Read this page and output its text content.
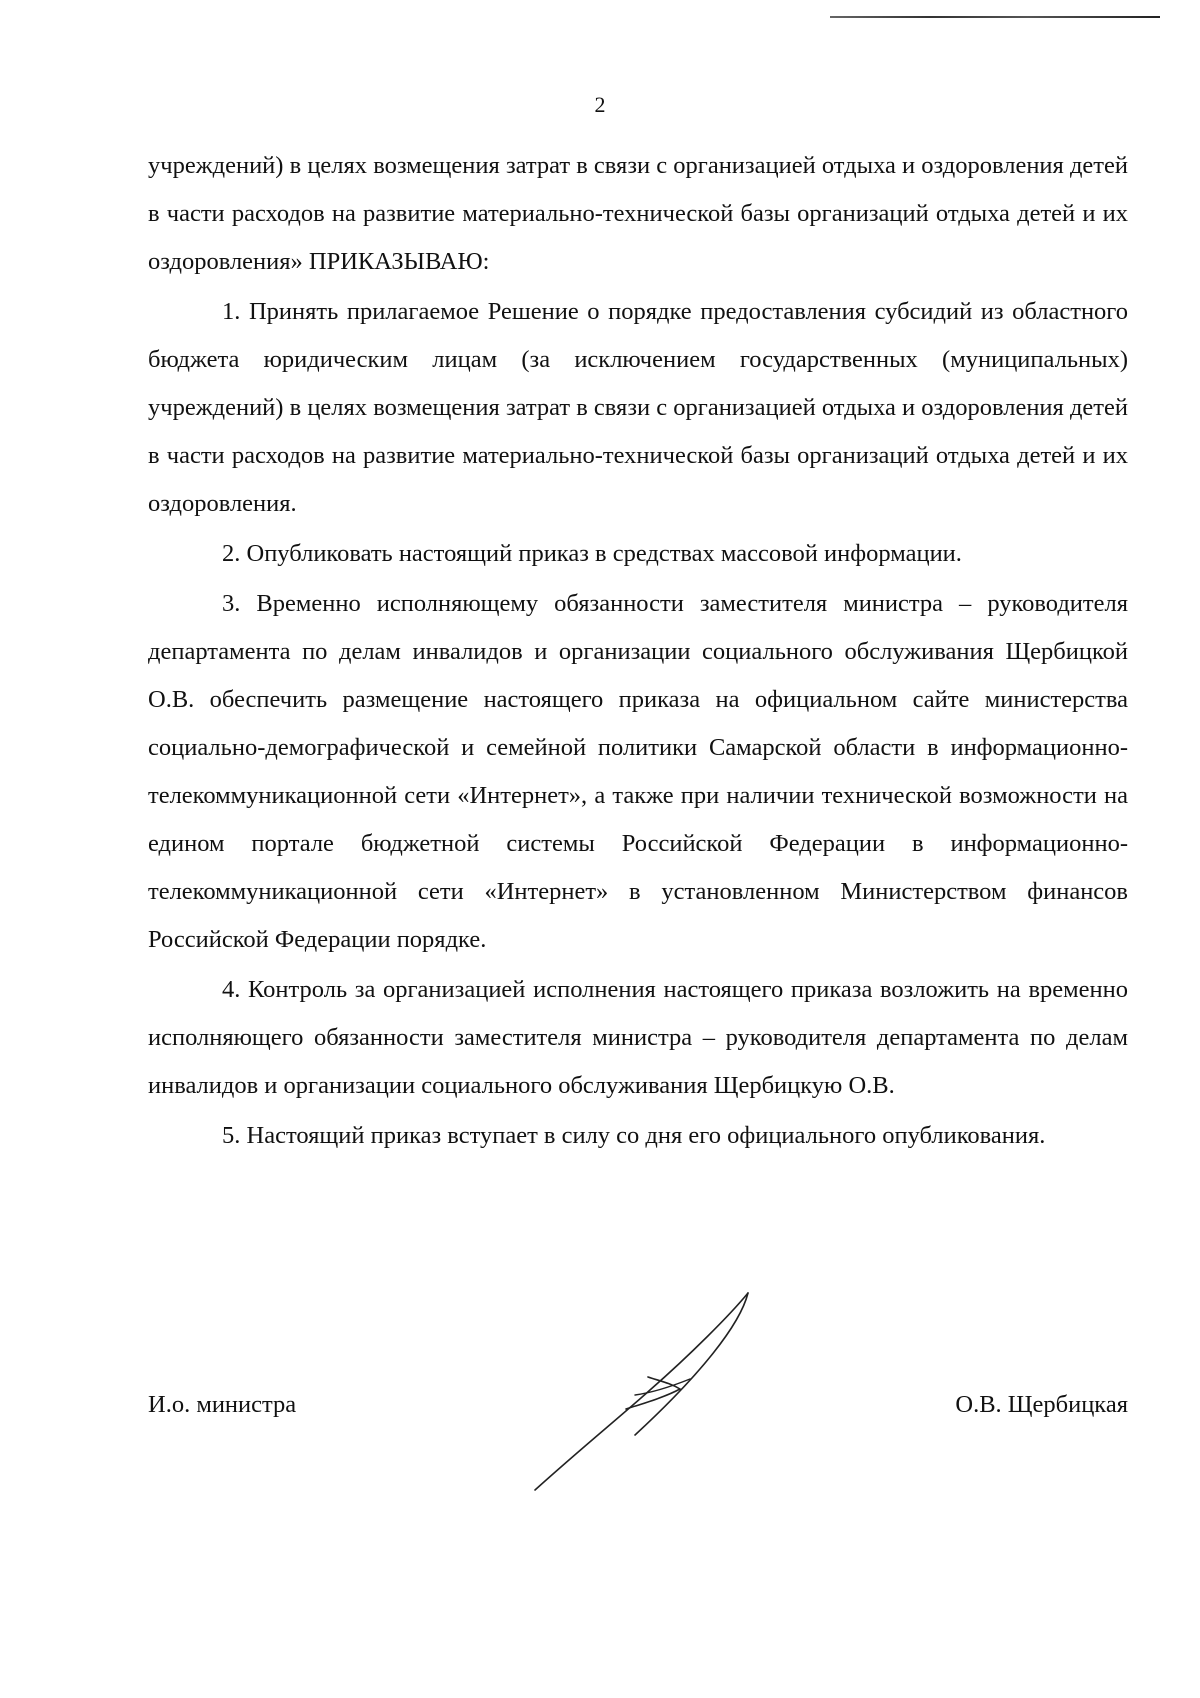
2

учреждений) в целях возмещения затрат в связи с организацией отдыха и оздоровления детей в части расходов на развитие материально-технической базы организаций отдыха детей и их оздоровления» ПРИКАЗЫВАЮ:

1. Принять прилагаемое Решение о порядке предоставления субсидий из областного бюджета юридическим лицам (за исключением государственных (муниципальных) учреждений) в целях возмещения затрат в связи с организацией отдыха и оздоровления детей в части расходов на развитие материально-технической базы организаций отдыха детей и их оздоровления.

2. Опубликовать настоящий приказ в средствах массовой информации.

3. Временно исполняющему обязанности заместителя министра – руководителя департамента по делам инвалидов и организации социального обслуживания Щербицкой О.В. обеспечить размещение настоящего приказа на официальном сайте министерства социально-демографической и семейной политики Самарской области в информационно-телекоммуникационной сети «Интернет», а также при наличии технической возможности на едином портале бюджетной системы Российской Федерации в информационно-телекоммуникационной сети «Интернет» в установленном Министерством финансов Российской Федерации порядке.

4. Контроль за организацией исполнения настоящего приказа возложить на временно исполняющего обязанности заместителя министра – руководителя департамента по делам инвалидов и организации социального обслуживания Щербицкую О.В.

5. Настоящий приказ вступает в силу со дня его официального опубликования.

И.о. министра	О.В. Щербицкая
